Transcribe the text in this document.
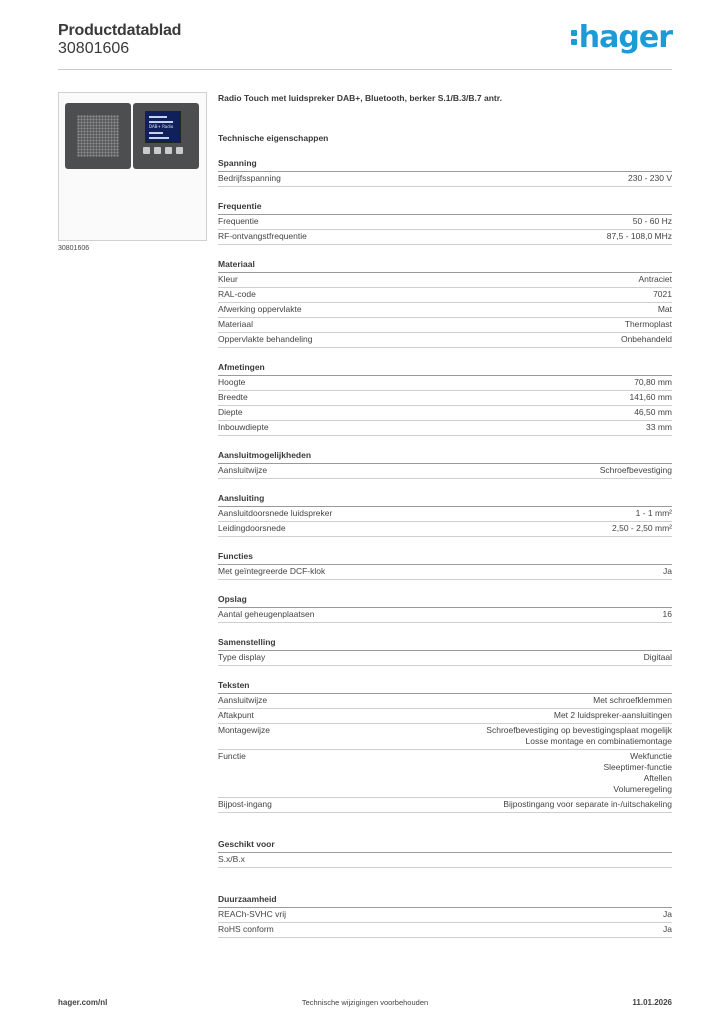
Productdatablad
30801606	hager
DAB+ Radio
30801606
Radio Touch met luidspreker DAB+, Bluetooth, berker S.1/B.3/B.7 antr.
Technische eigenschappen
Spanning
Bedrijfsspanning	230 - 230 V
Frequentie
Frequentie	50 - 60 Hz
RF-ontvangstfrequentie	87,5 - 108,0 MHz
Materiaal
Kleur	Antraciet
RAL-code	7021
Afwerking oppervlakte	Mat
Materiaal	Thermoplast
Oppervlakte behandeling	Onbehandeld
Afmetingen
Hoogte	70,80 mm
Breedte	141,60 mm
Diepte	46,50 mm
Inbouwdiepte	33 mm
Aansluitmogelijkheden
Aansluitwijze	Schroefbevestiging
Aansluiting
Aansluitdoorsnede luidspreker	1 - 1 mm²
Leidingdoorsnede	2,50 - 2,50 mm²
Functies
Met geïntegreerde DCF-klok	Ja
Opslag
Aantal geheugenplaatsen	16
Samenstelling
Type display	Digitaal
Teksten
Aansluitwijze	Met schroefklemmen
Aftakpunt	Met 2 luidspreker-aansluitingen
Montagewijze	Schroefbevestiging op bevestigingsplaat mogelijk
Losse montage en combinatiemontage
Functie	Wekfunctie
Sleeptimer-functie
Aftellen
Volumeregeling
Bijpost-ingang	Bijpostingang voor separate in-/uitschakeling
Geschikt voor
S.x/B.x

Duurzaamheid
REACh-SVHC vrij	Ja
RoHS conform	Ja
hager.com/nl	Technische wijzigingen voorbehouden	11.01.2026
